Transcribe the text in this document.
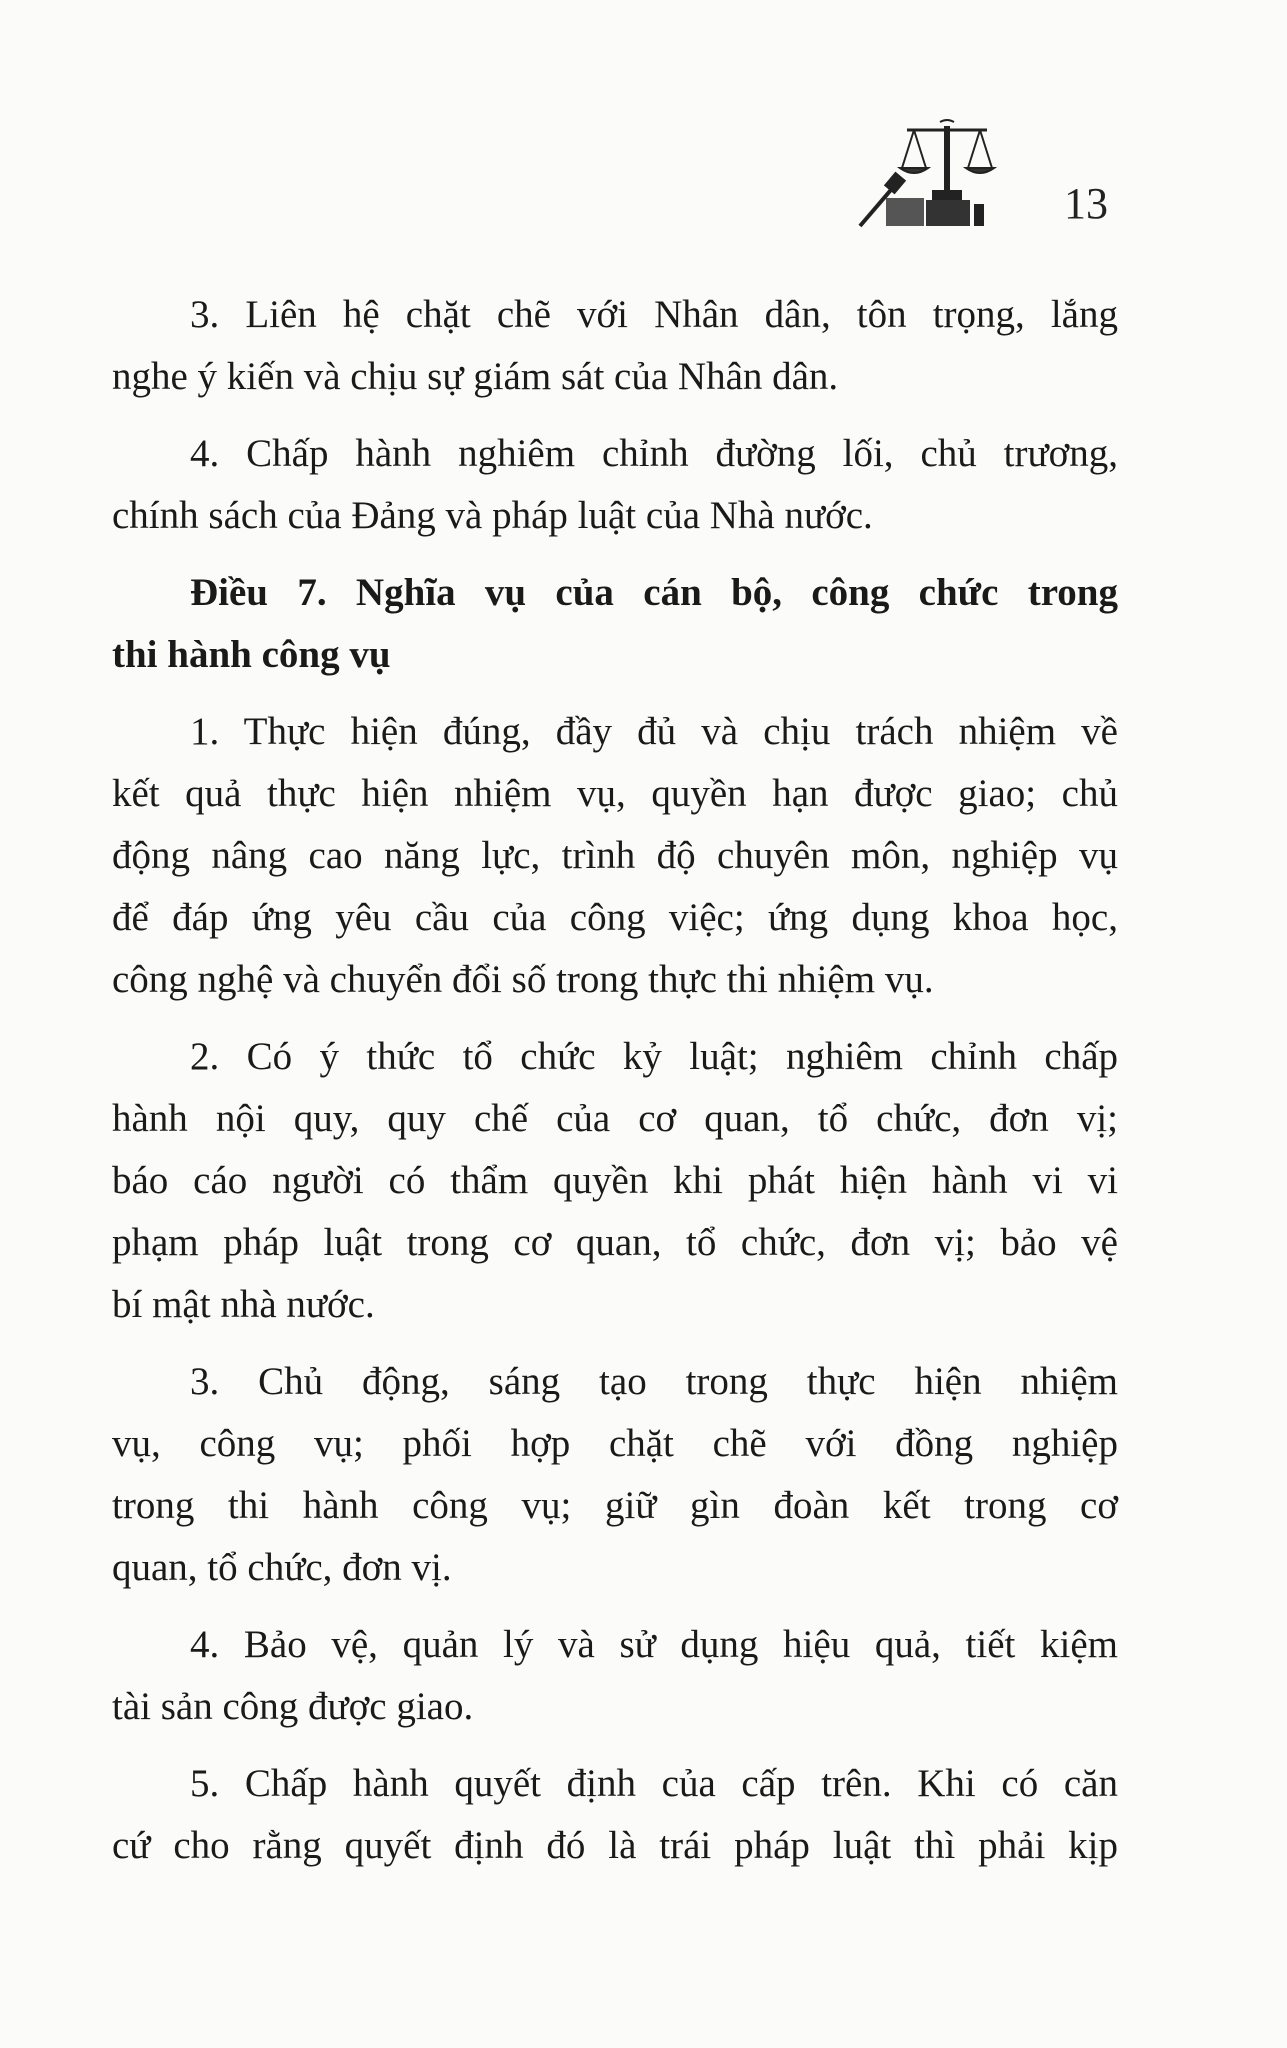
13
3. Liên hệ chặt chẽ với Nhân dân, tôn trọng, lắng
nghe ý kiến và chịu sự giám sát của Nhân dân.
4. Chấp hành nghiêm chỉnh đường lối, chủ trương,
chính sách của Đảng và pháp luật của Nhà nước.
Điều 7. Nghĩa vụ của cán bộ, công chức trong
thi hành công vụ
1. Thực hiện đúng, đầy đủ và chịu trách nhiệm về
kết quả thực hiện nhiệm vụ, quyền hạn được giao; chủ
động nâng cao năng lực, trình độ chuyên môn, nghiệp vụ
để đáp ứng yêu cầu của công việc; ứng dụng khoa học,
công nghệ và chuyển đổi số trong thực thi nhiệm vụ.
2. Có ý thức tổ chức kỷ luật; nghiêm chỉnh chấp
hành nội quy, quy chế của cơ quan, tổ chức, đơn vị;
báo cáo người có thẩm quyền khi phát hiện hành vi vi
phạm pháp luật trong cơ quan, tổ chức, đơn vị; bảo vệ
bí mật nhà nước.
3. Chủ động, sáng tạo trong thực hiện nhiệm
vụ, công vụ; phối hợp chặt chẽ với đồng nghiệp
trong thi hành công vụ; giữ gìn đoàn kết trong cơ
quan, tổ chức, đơn vị.
4. Bảo vệ, quản lý và sử dụng hiệu quả, tiết kiệm
tài sản công được giao.
5. Chấp hành quyết định của cấp trên. Khi có căn
cứ cho rằng quyết định đó là trái pháp luật thì phải kịp
